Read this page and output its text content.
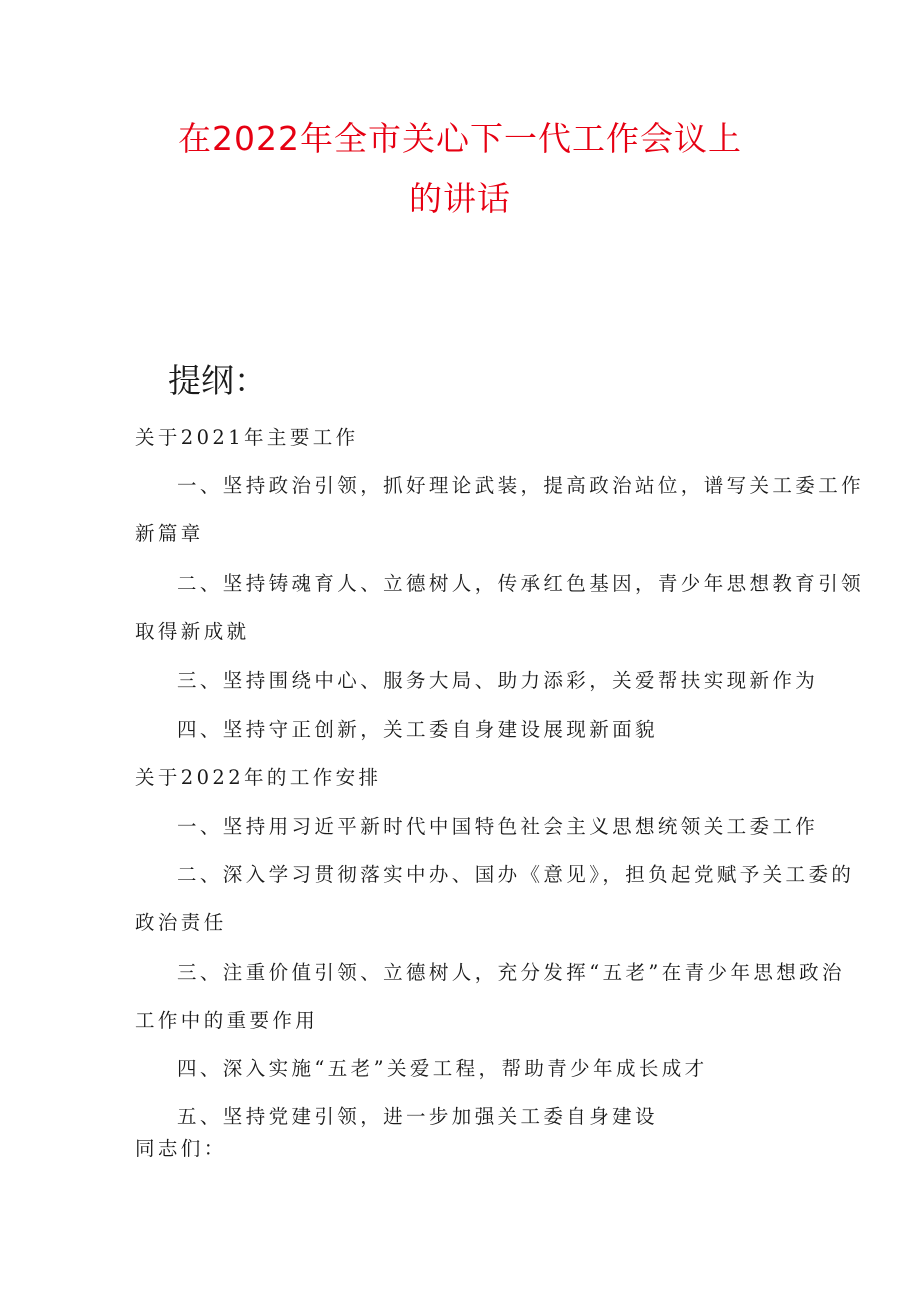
在2022年全市关心下一代工作会议上
的讲话
提纲：
关于2021年主要工作
一、坚持政治引领，抓好理论武装，提高政治站位，谱写关工委工作
新篇章
二、坚持铸魂育人、立德树人，传承红色基因，青少年思想教育引领
取得新成就
三、坚持围绕中心、服务大局、助力添彩，关爱帮扶实现新作为
四、坚持守正创新，关工委自身建设展现新面貌
关于2022年的工作安排
一、坚持用习近平新时代中国特色社会主义思想统领关工委工作
二、深入学习贯彻落实中办、国办《意见》，担负起党赋予关工委的
政治责任
三、注重价值引领、立德树人，充分发挥“五老”在青少年思想政治
工作中的重要作用
四、深入实施“五老”关爱工程，帮助青少年成长成才
五、坚持党建引领，进一步加强关工委自身建设
同志们：
